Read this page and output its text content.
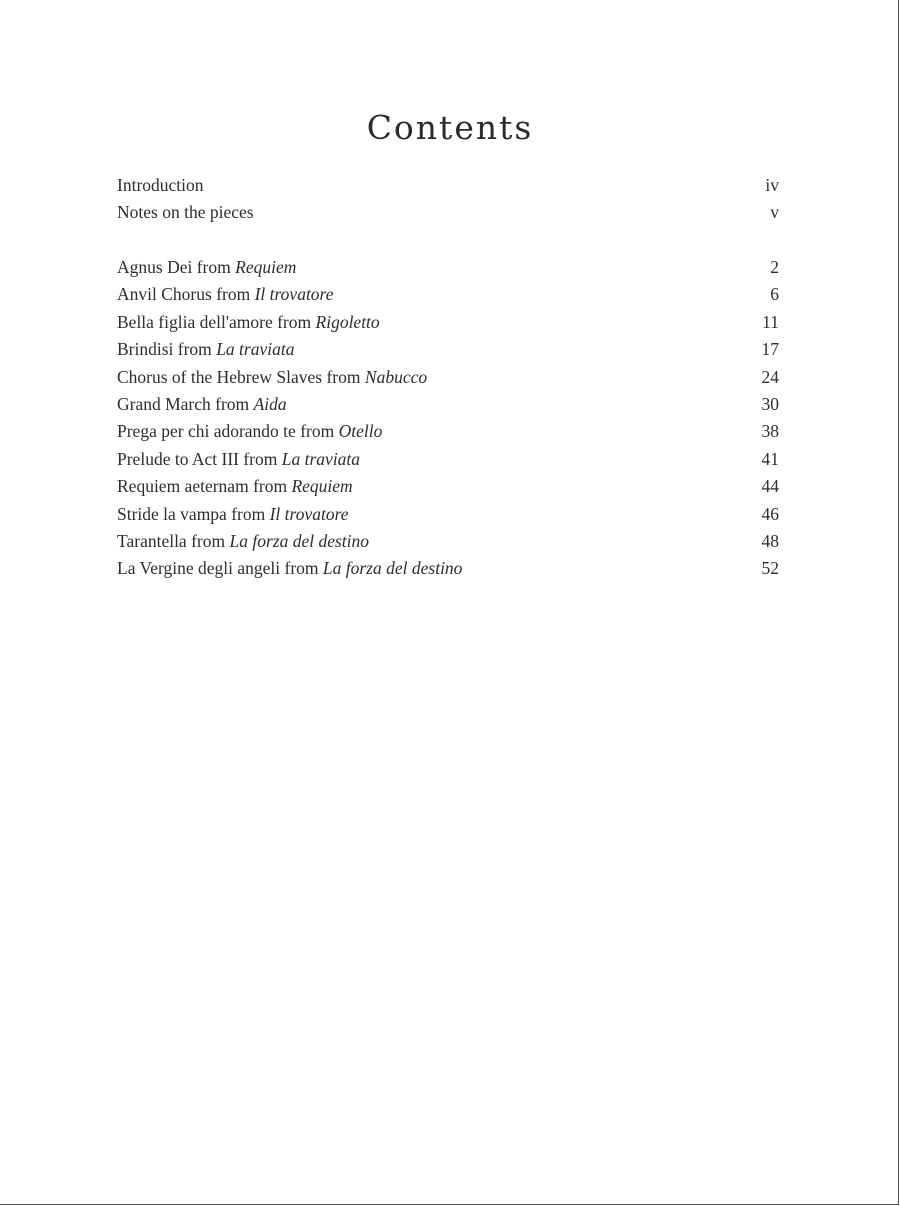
Contents
Introduction	iv
Notes on the pieces	v
Agnus Dei from Requiem	2
Anvil Chorus from Il trovatore	6
Bella figlia dell'amore from Rigoletto	11
Brindisi from La traviata	17
Chorus of the Hebrew Slaves from Nabucco	24
Grand March from Aida	30
Prega per chi adorando te from Otello	38
Prelude to Act III from La traviata	41
Requiem aeternam from Requiem	44
Stride la vampa from Il trovatore	46
Tarantella from La forza del destino	48
La Vergine degli angeli from La forza del destino	52
